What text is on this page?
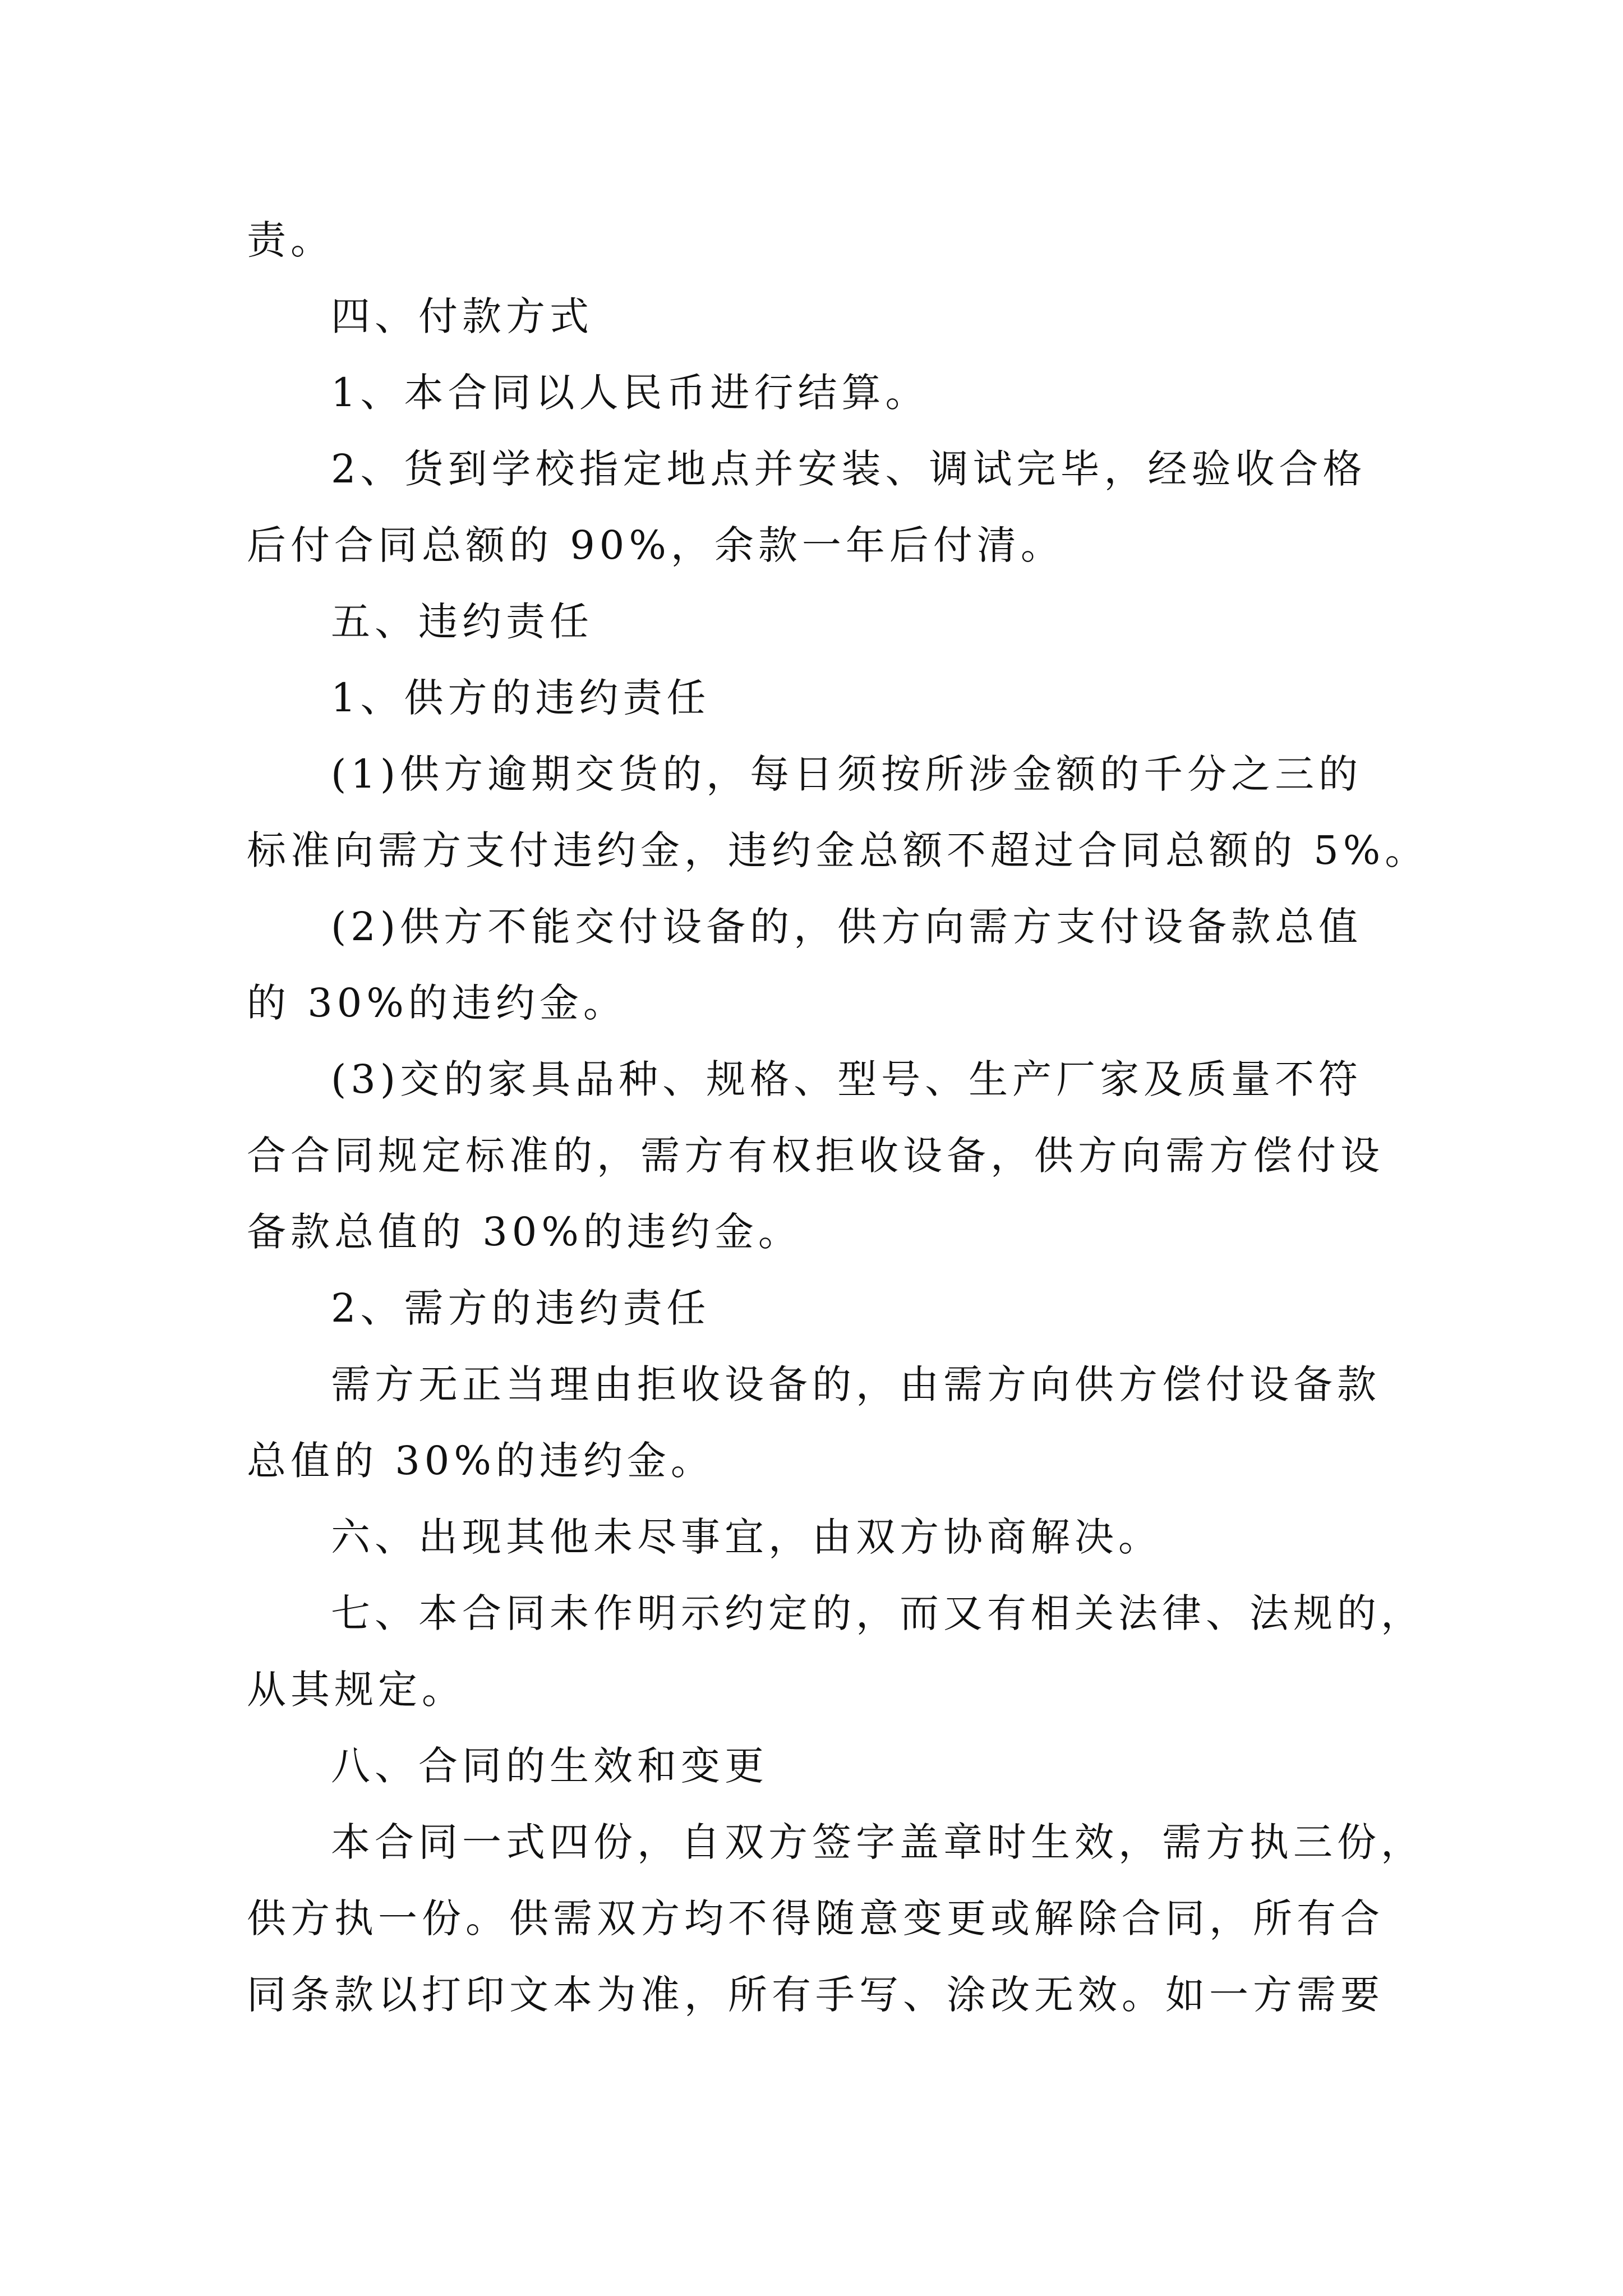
责。
四、付款方式
1、本合同以人民币进行结算。
2、货到学校指定地点并安装、调试完毕，经验收合格
后付合同总额的 90%，余款一年后付清。
五、违约责任
1、供方的违约责任
(1)供方逾期交货的，每日须按所涉金额的千分之三的
标准向需方支付违约金，违约金总额不超过合同总额的 5%。
(2)供方不能交付设备的，供方向需方支付设备款总值
的 30%的违约金。
(3)交的家具品种、规格、型号、生产厂家及质量不符
合合同规定标准的，需方有权拒收设备，供方向需方偿付设
备款总值的 30%的违约金。
2、需方的违约责任
需方无正当理由拒收设备的，由需方向供方偿付设备款
总值的 30%的违约金。
六、出现其他未尽事宜，由双方协商解决。
七、本合同未作明示约定的，而又有相关法律、法规的，
从其规定。
八、合同的生效和变更
本合同一式四份，自双方签字盖章时生效，需方执三份，
供方执一份。供需双方均不得随意变更或解除合同，所有合
同条款以打印文本为准，所有手写、涂改无效。如一方需要
